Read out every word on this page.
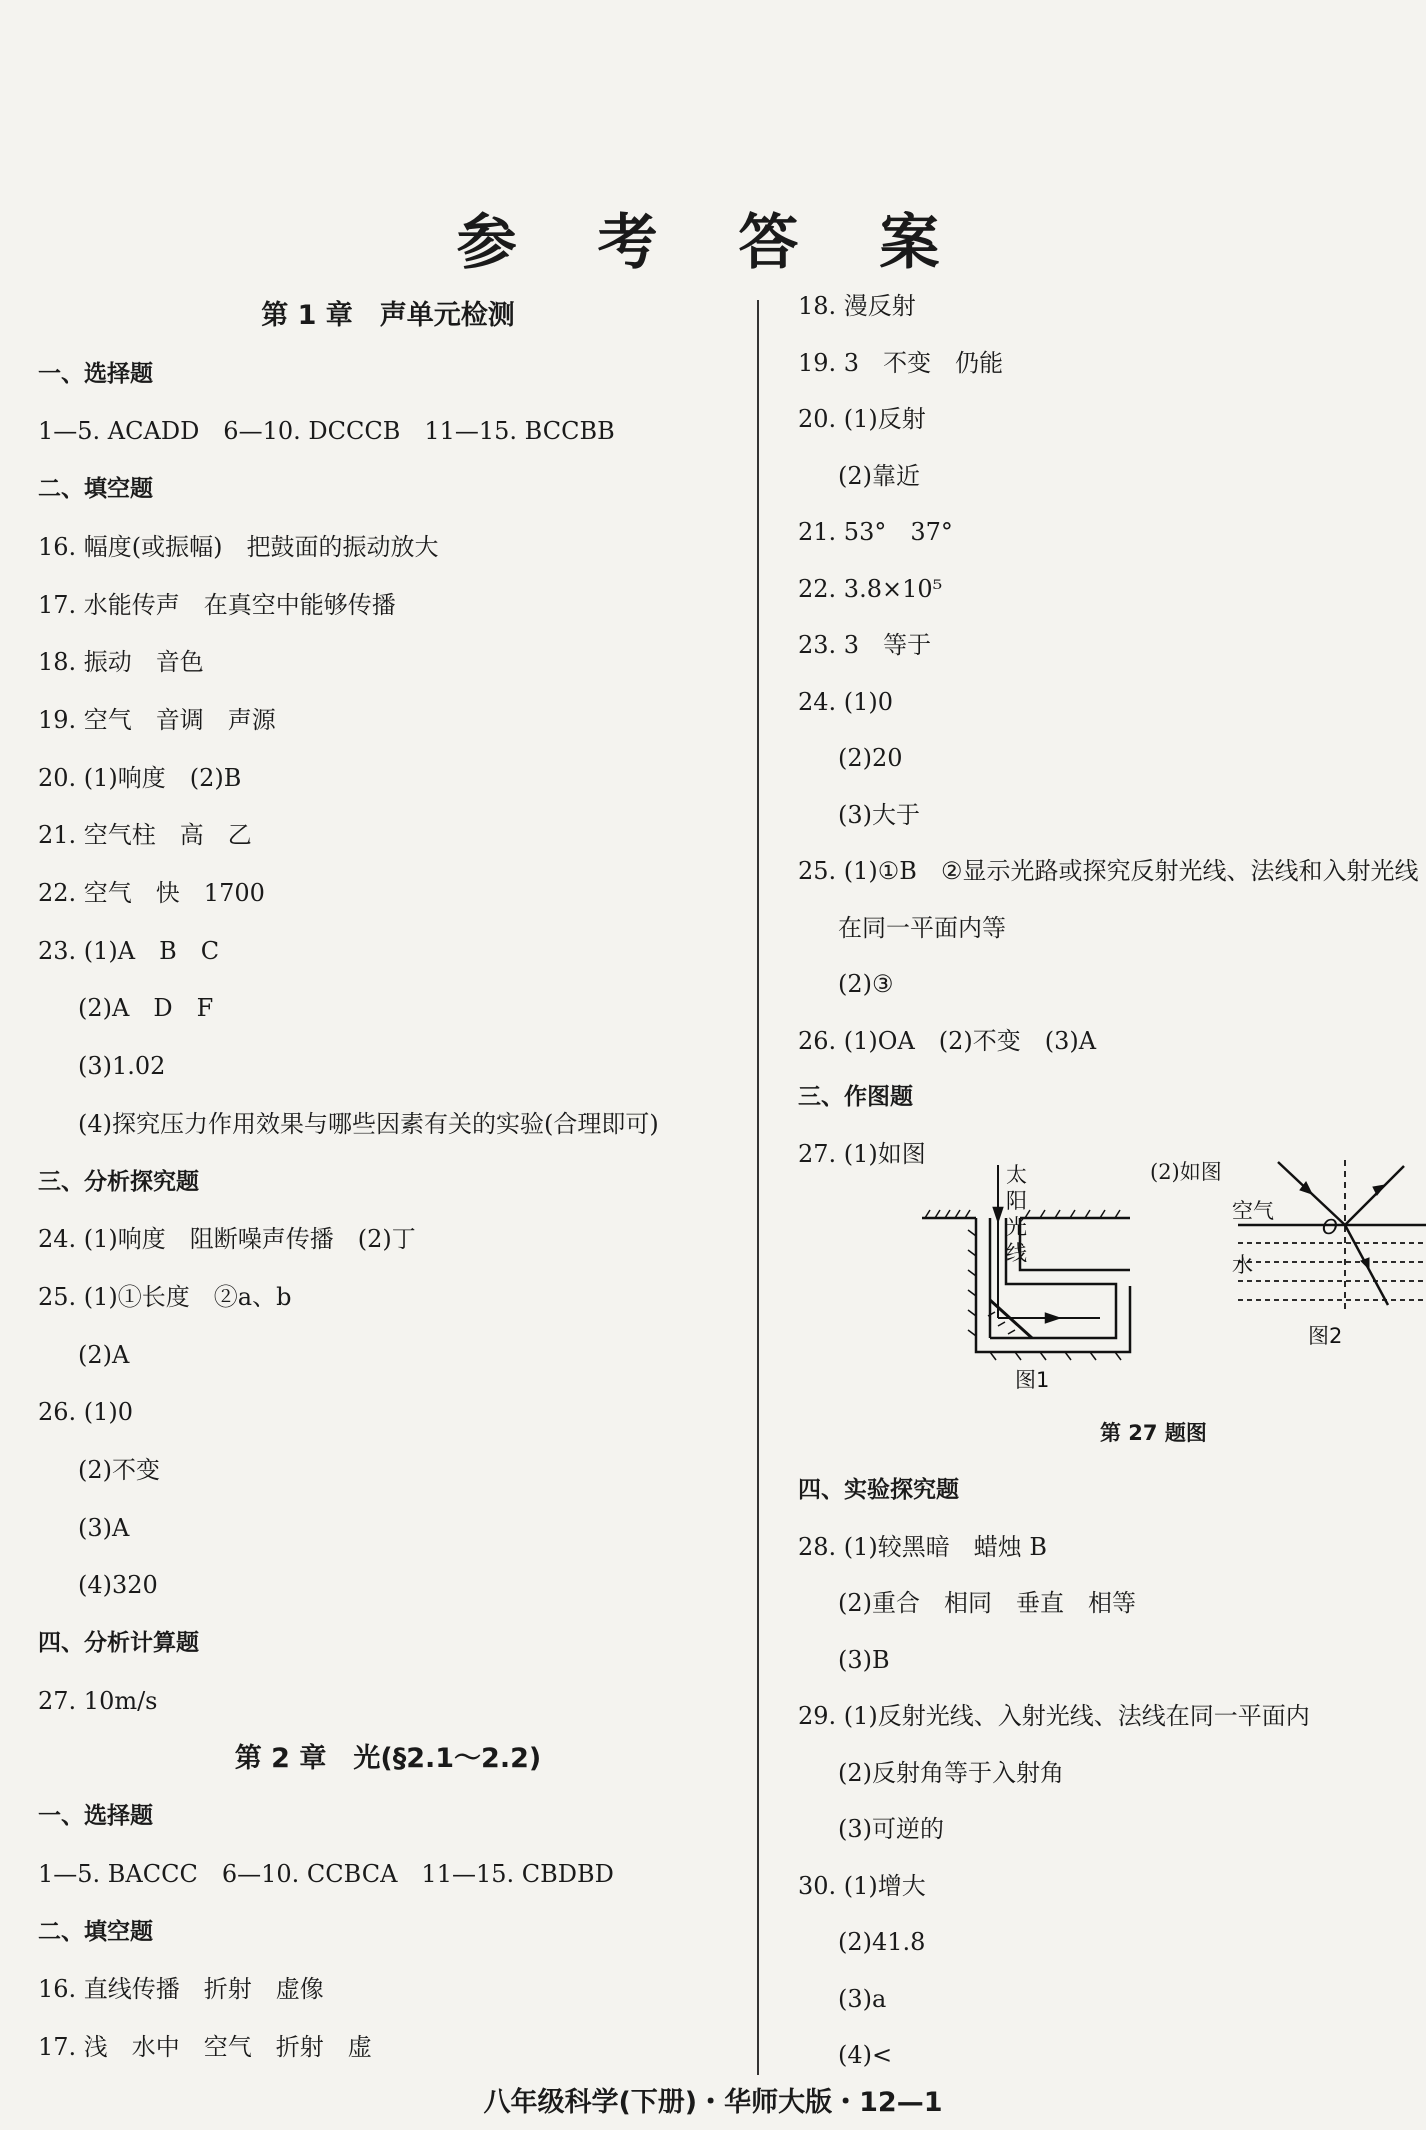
参 考 答 案
第 1 章　声单元检测
一、选择题
1—5. ACADD　6—10. DCCCB　11—15. BCCBB
二、填空题
16. 幅度(或振幅)　把鼓面的振动放大
17. 水能传声　在真空中能够传播
18. 振动　音色
19. 空气　音调　声源
20. (1)响度　(2)B
21. 空气柱　高　乙
22. 空气　快　1700
23. (1)A　B　C
(2)A　D　F
(3)1.02
(4)探究压力作用效果与哪些因素有关的实验(合理即可)
三、分析探究题
24. (1)响度　阻断噪声传播　(2)丁
25. (1)①长度　②a、b
(2)A
26. (1)0
(2)不变
(3)A
(4)320
四、分析计算题
27. 10m/s
第 2 章　光(§2.1～2.2)
一、选择题
1—5. BACCC　6—10. CCBCA　11—15. CBDBD
二、填空题
16. 直线传播　折射　虚像
17. 浅　水中　空气　折射　虚
18. 漫反射
19. 3　不变　仍能
20. (1)反射
(2)靠近
21. 53°　37°
22. 3.8×10⁵
23. 3　等于
24. (1)0
(2)20
(3)大于
25. (1)①B　②显示光路或探究反射光线、法线和入射光线
在同一平面内等
(2)③
26. (1)OA　(2)不变　(3)A
三、作图题
27. (1)如图
(2)如图
太
阳
光
线
图1
空气
水
O
图2
第 27 题图
八年级科学(下册)・华师大版・12—1
四、实验探究题
28. (1)较黑暗　蜡烛 B
(2)重合　相同　垂直　相等
(3)B
29. (1)反射光线、入射光线、法线在同一平面内
(2)反射角等于入射角
(3)可逆的
30. (1)增大
(2)41.8
(3)a
(4)<
